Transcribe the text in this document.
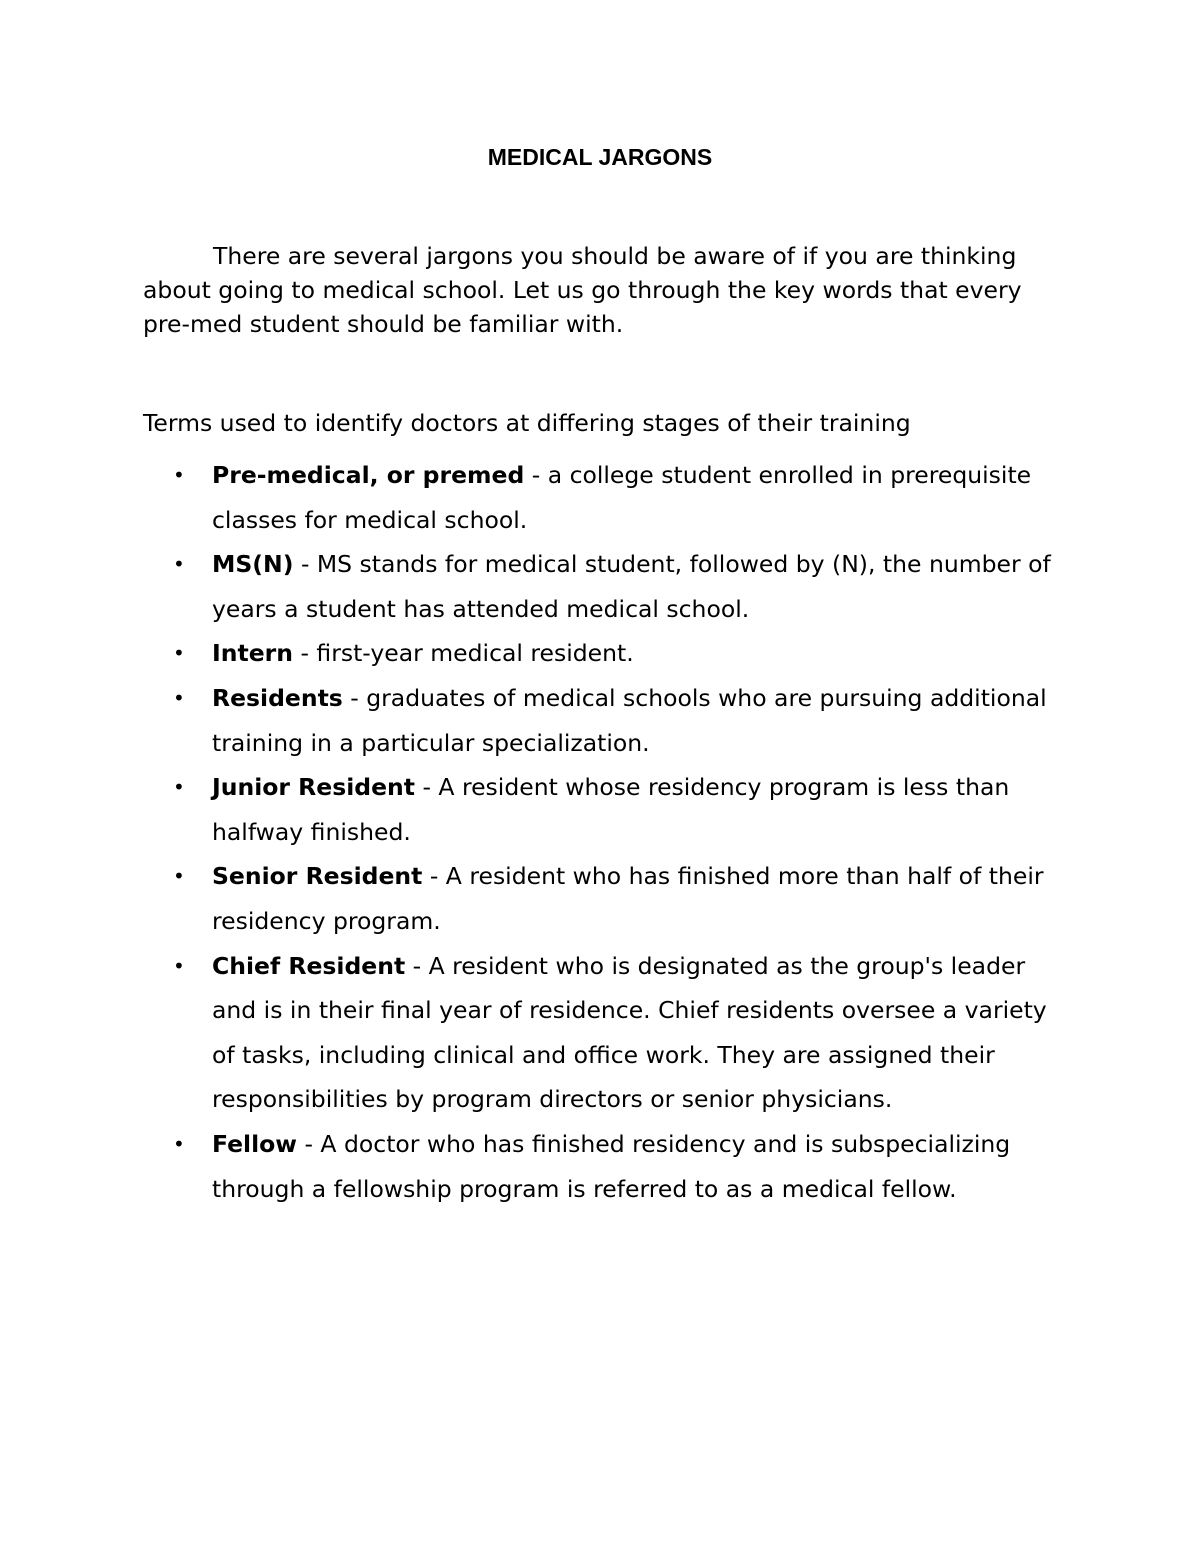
MEDICAL JARGONS

There are several jargons you should be aware of if you are thinking about going to medical school. Let us go through the key words that every pre-med student should be familiar with.

Terms used to identify doctors at differing stages of their training

• Pre-medical, or premed - a college student enrolled in prerequisite classes for medical school.
• MS(N) - MS stands for medical student, followed by (N), the number of years a student has attended medical school.
• Intern - first-year medical resident.
• Residents - graduates of medical schools who are pursuing additional training in a particular specialization.
• Junior Resident - A resident whose residency program is less than halfway finished.
• Senior Resident - A resident who has finished more than half of their residency program.
• Chief Resident - A resident who is designated as the group's leader and is in their final year of residence. Chief residents oversee a variety of tasks, including clinical and office work. They are assigned their responsibilities by program directors or senior physicians.
• Fellow - A doctor who has finished residency and is subspecializing through a fellowship program is referred to as a medical fellow.
